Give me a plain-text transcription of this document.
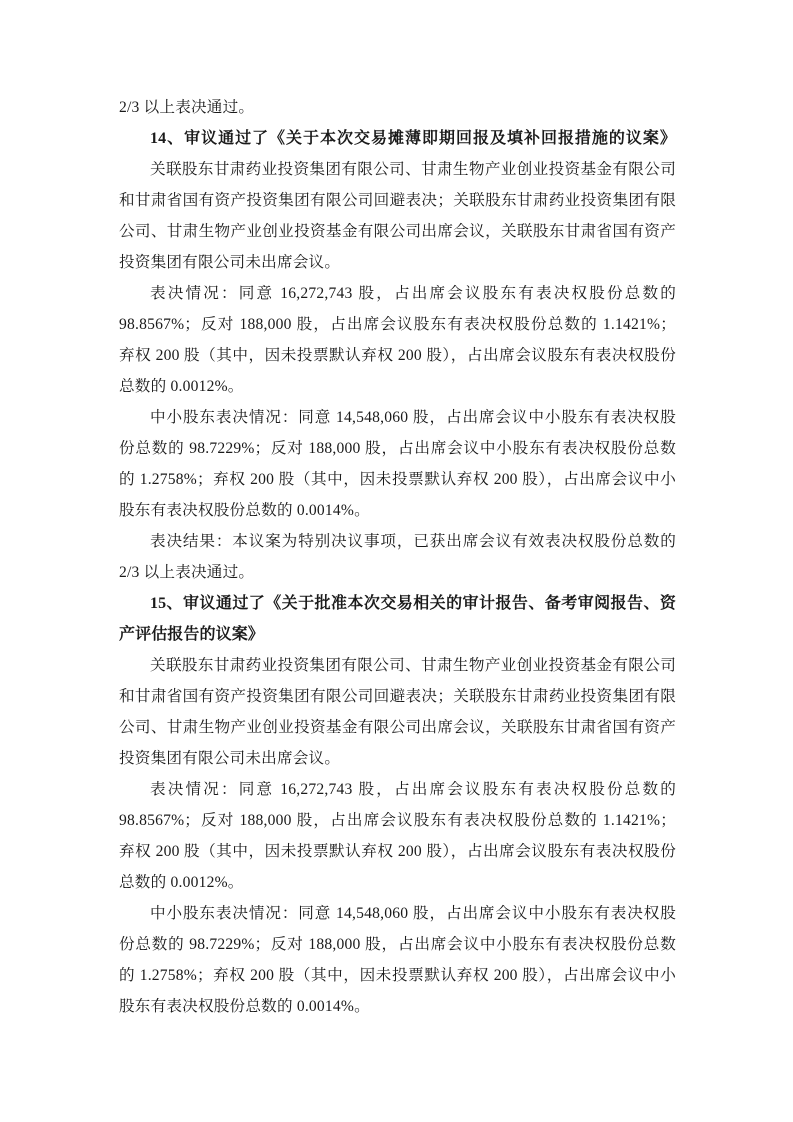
2/3 以上表决通过。
14、审议通过了《关于本次交易摊薄即期回报及填补回报措施的议案》
关联股东甘肃药业投资集团有限公司、甘肃生物产业创业投资基金有限公司
和甘肃省国有资产投资集团有限公司回避表决；关联股东甘肃药业投资集团有限
公司、甘肃生物产业创业投资基金有限公司出席会议，关联股东甘肃省国有资产
投资集团有限公司未出席会议。
表决情况：同意 16,272,743 股，占出席会议股东有表决权股份总数的
98.8567%；反对 188,000 股，占出席会议股东有表决权股份总数的 1.1421%；
弃权 200 股（其中，因未投票默认弃权 200 股），占出席会议股东有表决权股份
总数的 0.0012%。
中小股东表决情况：同意 14,548,060 股，占出席会议中小股东有表决权股
份总数的 98.7229%；反对 188,000 股，占出席会议中小股东有表决权股份总数
的 1.2758%；弃权 200 股（其中，因未投票默认弃权 200 股），占出席会议中小
股东有表决权股份总数的 0.0014%。
表决结果：本议案为特别决议事项，已获出席会议有效表决权股份总数的
2/3 以上表决通过。
15、审议通过了《关于批准本次交易相关的审计报告、备考审阅报告、资
产评估报告的议案》
关联股东甘肃药业投资集团有限公司、甘肃生物产业创业投资基金有限公司
和甘肃省国有资产投资集团有限公司回避表决；关联股东甘肃药业投资集团有限
公司、甘肃生物产业创业投资基金有限公司出席会议，关联股东甘肃省国有资产
投资集团有限公司未出席会议。
表决情况：同意 16,272,743 股，占出席会议股东有表决权股份总数的
98.8567%；反对 188,000 股，占出席会议股东有表决权股份总数的 1.1421%；
弃权 200 股（其中，因未投票默认弃权 200 股），占出席会议股东有表决权股份
总数的 0.0012%。
中小股东表决情况：同意 14,548,060 股，占出席会议中小股东有表决权股
份总数的 98.7229%；反对 188,000 股，占出席会议中小股东有表决权股份总数
的 1.2758%；弃权 200 股（其中，因未投票默认弃权 200 股），占出席会议中小
股东有表决权股份总数的 0.0014%。
